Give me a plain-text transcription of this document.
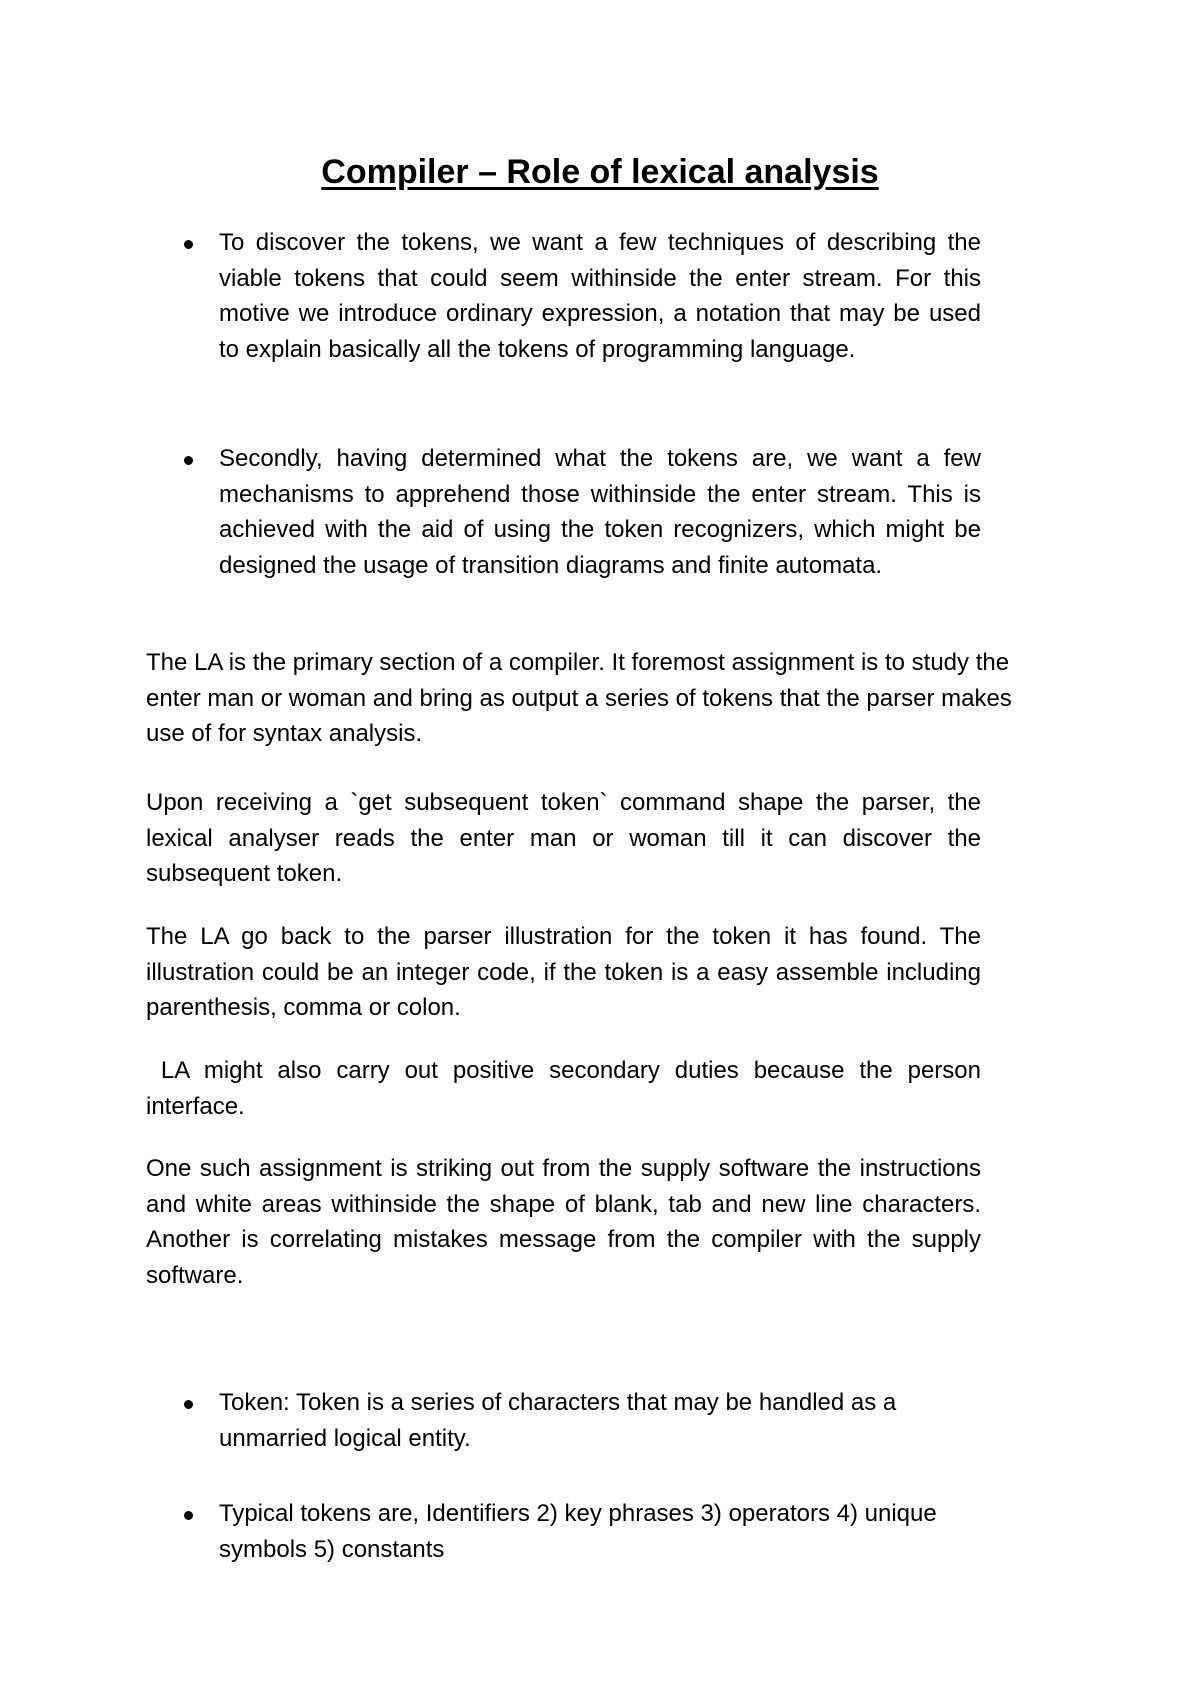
Compiler – Role of lexical analysis
To discover the tokens, we want a few techniques of describing the viable tokens that could seem withinside the enter stream. For this motive we introduce ordinary expression, a notation that may be used to explain basically all the tokens of programming language.
Secondly, having determined what the tokens are, we want a few mechanisms to apprehend those withinside the enter stream. This is achieved with the aid of using the token recognizers, which might be designed the usage of transition diagrams and finite automata.
The LA is the primary section of a compiler. It foremost assignment is to study the enter man or woman and bring as output a series of tokens that the parser makes use of for syntax analysis.
Upon receiving a `get subsequent token` command shape the parser, the lexical analyser reads the enter man or woman till it can discover the subsequent token.
The LA go back to the parser illustration for the token it has found. The illustration could be an integer code, if the token is a easy assemble including parenthesis, comma or colon.
LA might also carry out positive secondary duties because the person interface.
One such assignment is striking out from the supply software the instructions and white areas withinside the shape of blank, tab and new line characters. Another is correlating mistakes message from the compiler with the supply software.
Token: Token is a series of characters that may be handled as a unmarried logical entity.
Typical tokens are, Identifiers 2) key phrases 3) operators 4) unique symbols 5) constants
